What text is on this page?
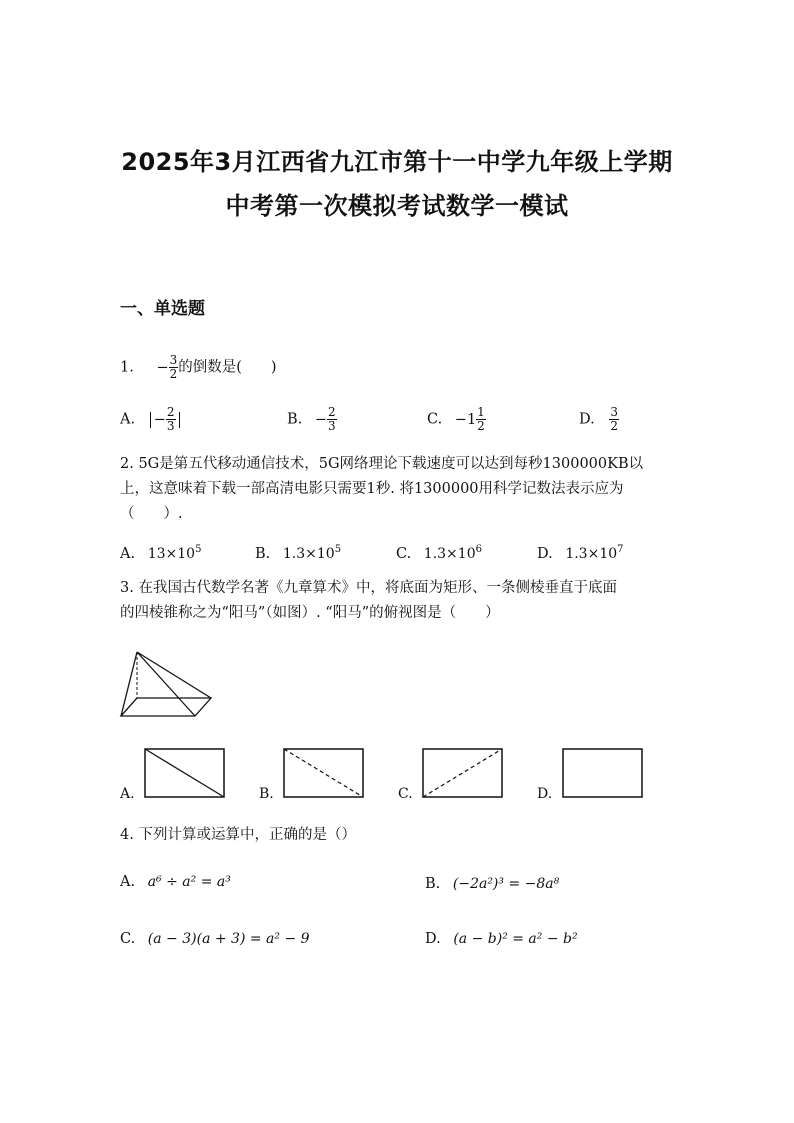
2025年3月江西省九江市第十一中学九年级上学期
中考第一次模拟考试数学一模试
一、单选题
1. − $\frac{3}{2}$ 的倒数是(　　)
A. − $\frac{2}{3}$	B. − $\frac{2}{3}$	C. $-1 \frac{1}{2}$	D. $\frac{3}{2}$
2. 5G是第五代移动通信技术，5G网络理论下载速度可以达到每秒1300000KB以
上，这意味着下载一部高清电影只需要1秒. 将1300000用科学记数法表示应为
（　　）.
A. $13\times 10^5$	B. $1.3\times 10^5$	C. $1.3\times 10^6$	D. $1.3\times 10^7$
3. 在我国古代数学名著《九章算术》中，将底面为矩形、一条侧棱垂直于底面
的四棱锥称之为“阳马”（如图）. “阳马”的俯视图是（　　）
A.	B.	C.	D.
4. 下列计算或运算中，正确的是（）
A. a⁶ ÷ a² = a³	B. (−2a²)³ = −8a⁸
C. (a − 3)(a + 3) = a² − 9	D. (a − b)² = a² − b²
